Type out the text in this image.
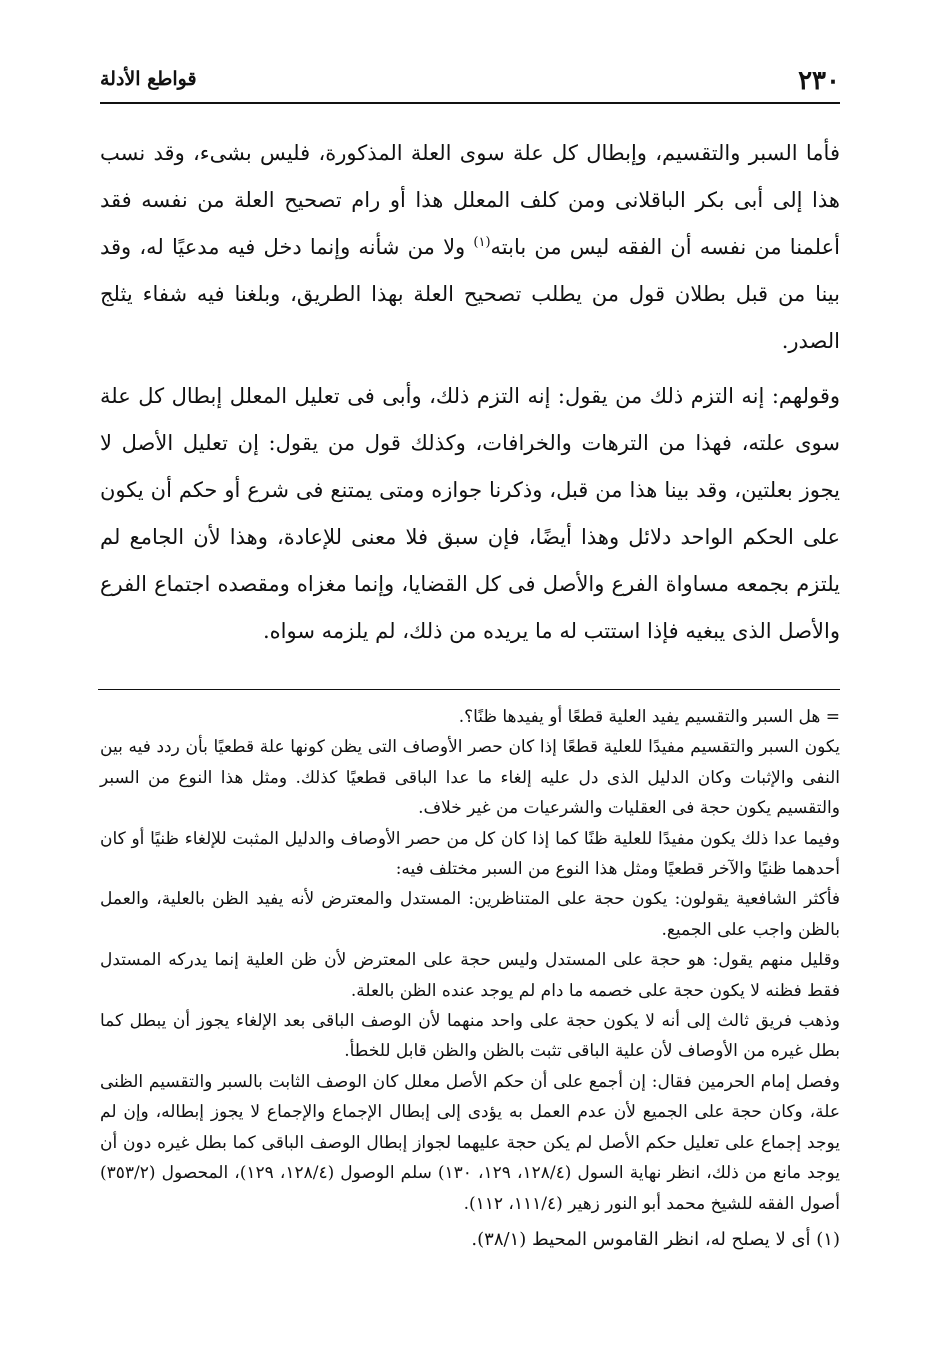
٢٣٠
قواطع الأدلة

فأما السبر والتقسيم، وإبطال كل علة سوى العلة المذكورة، فليس بشىء، وقد نسب هذا إلى أبى بكر الباقلانى ومن كلف المعلل هذا أو رام تصحيح العلة من نفسه فقد أعلمنا من نفسه أن الفقه ليس من بابته$^{(١)}$ ولا من شأنه وإنما دخل فيه مدعيًا له، وقد بينا من قبل بطلان قول من يطلب تصحيح العلة بهذا الطريق، وبلغنا فيه شفاء يثلج الصدر.

وقولهم: إنه التزم ذلك من يقول: إنه التزم ذلك، وأبى فى تعليل المعلل إبطال كل علة سوى علته، فهذا من الترهات والخرافات، وكذلك قول من يقول: إن تعليل الأصل لا يجوز بعلتين، وقد بينا هذا من قبل، وذكرنا جوازه ومتى يمتنع فى شرع أو حكم أن يكون على الحكم الواحد دلائل وهذا أيضًا، فإن سبق فلا معنى للإعادة، وهذا لأن الجامع لم يلتزم بجمعه مساواة الفرع والأصل فى كل القضايا، وإنما مغزاه ومقصده اجتماع الفرع والأصل الذى يبغيه فإذا استتب له ما يريده من ذلك، لم يلزمه سواه.

= هل السبر والتقسيم يفيد العلية قطعًا أو يفيدها ظنًا؟.

يكون السبر والتقسيم مفيدًا للعلية قطعًا إذا كان حصر الأوصاف التى يظن كونها علة قطعيًا بأن ردد فيه بين النفى والإثبات وكان الدليل الذى دل عليه إلغاء ما عدا الباقى قطعيًا كذلك. ومثل هذا النوع من السبر والتقسيم يكون حجة فى العقليات والشرعيات من غير خلاف.

وفيما عدا ذلك يكون مفيدًا للعلية ظنًا كما إذا كان كل من حصر الأوصاف والدليل المثبت للإلغاء ظنيًا أو كان أحدهما ظنيًا والآخر قطعيًا ومثل هذا النوع من السبر مختلف فيه:

فأكثر الشافعية يقولون: يكون حجة على المتناظرين: المستدل والمعترض لأنه يفيد الظن بالعلية، والعمل بالظن واجب على الجميع.

وقليل منهم يقول: هو حجة على المستدل وليس حجة على المعترض لأن ظن العلية إنما يدركه المستدل فقط فظنه لا يكون حجة على خصمه ما دام لم يوجد عنده الظن بالعلة.

وذهب فريق ثالث إلى أنه لا يكون حجة على واحد منهما لأن الوصف الباقى بعد الإلغاء يجوز أن يبطل كما بطل غيره من الأوصاف لأن علية الباقى تثبت بالظن والظن قابل للخطأ.

وفصل إمام الحرمين فقال: إن أجمع على أن حكم الأصل معلل كان الوصف الثابت بالسبر والتقسيم الظنى علة، وكان حجة على الجميع لأن عدم العمل به يؤدى إلى إبطال الإجماع والإجماع لا يجوز إبطاله، وإن لم يوجد إجماع على تعليل حكم الأصل لم يكن حجة عليهما لجواز إبطال الوصف الباقى كما بطل غيره دون أن يوجد مانع من ذلك، انظر نهاية السول (١٢٨/٤، ١٢٩، ١٣٠) سلم الوصول (١٢٨/٤، ١٢٩)، المحصول (٣٥٣/٢) أصول الفقه للشيخ محمد أبو النور زهير (١١١/٤، ١١٢).

(١) أى لا يصلح له، انظر القاموس المحيط (٣٨/١).
